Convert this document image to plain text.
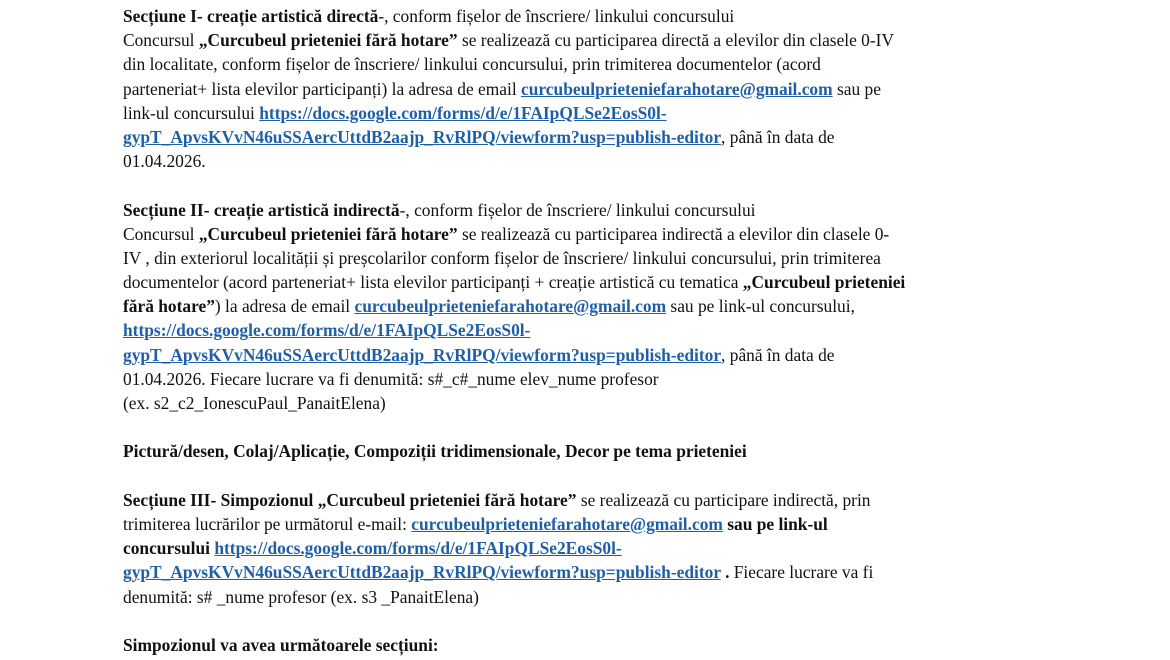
Secțiune I- creație artistică directă-, conform fișelor de înscriere/ linkului concursului
Concursul „Curcubeul prieteniei fără hotare” se realizează cu participarea directă a elevilor din clasele 0-IV
din localitate, conform fișelor de înscriere/ linkului concursului, prin trimiterea documentelor (acord
parteneriat+ lista elevilor participanți) la adresa de email curcubeulprieteniefarahotare@gmail.com sau pe
link-ul concursului https://docs.google.com/forms/d/e/1FAIpQLSe2EosS0l-
gypT_ApvsKVvN46uSSAercUttdB2aajp_RvRlPQ/viewform?usp=publish-editor, până în data de
01.04.2026.
Secțiune II- creație artistică indirectă-, conform fișelor de înscriere/ linkului concursului
Concursul „Curcubeul prieteniei fără hotare” se realizează cu participarea indirectă a elevilor din clasele 0-
IV , din exteriorul localității și preșcolarilor conform fișelor de înscriere/ linkului concursului, prin trimiterea
documentelor (acord parteneriat+ lista elevilor participanți + creație artistică cu tematica „Curcubeul prieteniei
fără hotare”) la adresa de email curcubeulprieteniefarahotare@gmail.com sau pe link-ul concursului,
https://docs.google.com/forms/d/e/1FAIpQLSe2EosS0l-
gypT_ApvsKVvN46uSSAercUttdB2aajp_RvRlPQ/viewform?usp=publish-editor, până în data de
01.04.2026. Fiecare lucrare va fi denumită: s#_c#_nume elev_nume profesor
(ex. s2_c2_IonescuPaul_PanaitElena)
Pictură/desen, Colaj/Aplicație, Compoziții tridimensionale, Decor pe tema prieteniei
Secțiune III- Simpozionul „Curcubeul prieteniei fără hotare” se realizează cu participare indirectă, prin
trimiterea lucrărilor pe următorul e-mail: curcubeulprieteniefarahotare@gmail.com sau pe link-ul
concursului https://docs.google.com/forms/d/e/1FAIpQLSe2EosS0l-
gypT_ApvsKVvN46uSSAercUttdB2aajp_RvRlPQ/viewform?usp=publish-editor . Fiecare lucrare va fi
denumită: s# _nume profesor (ex. s3 _PanaitElena)
Simpozionul va avea următoarele secțiuni:
